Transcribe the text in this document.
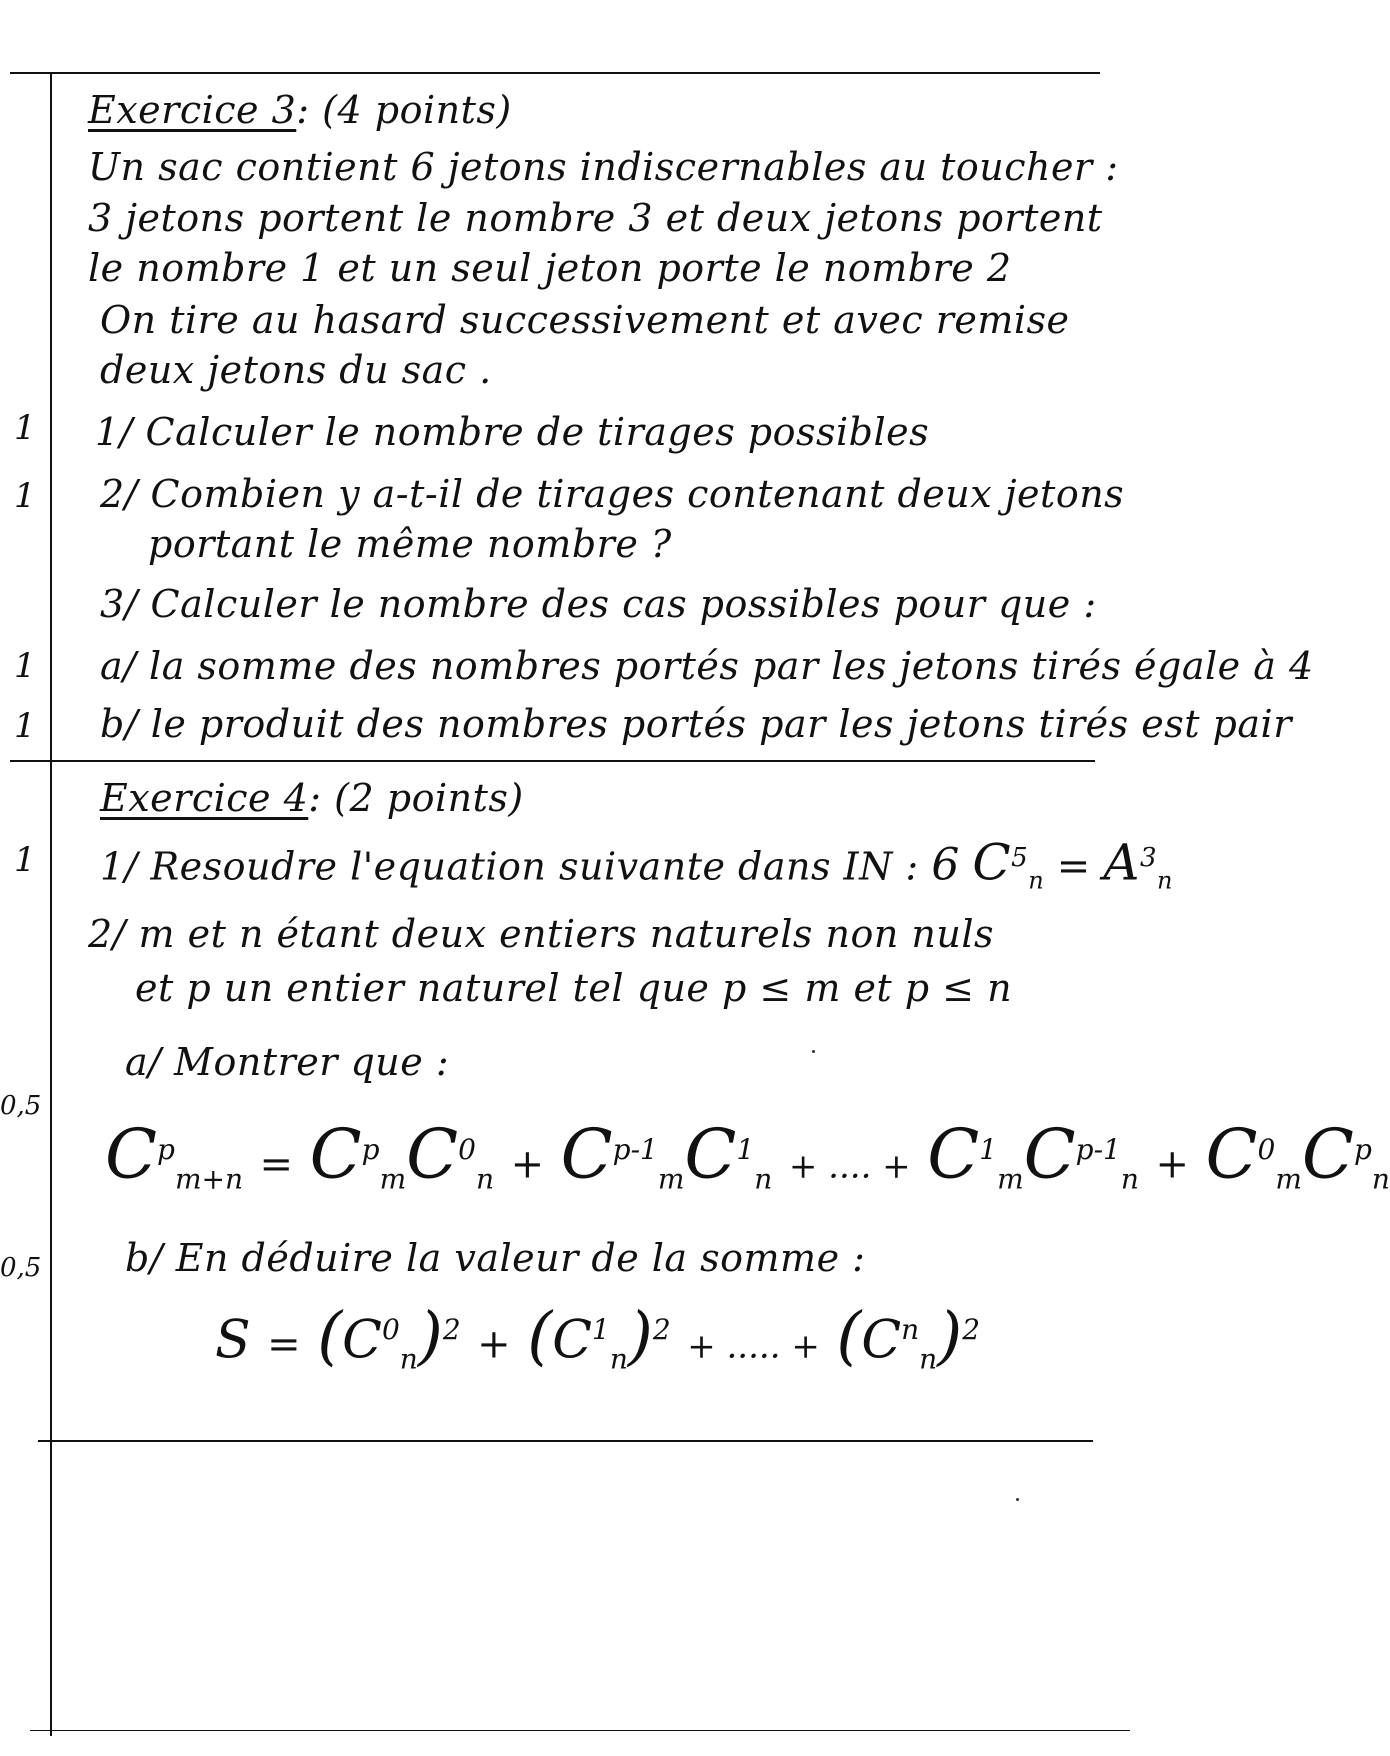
Exercice 3: (4 points)
Un sac contient 6 jetons indiscernables au toucher :
3 jetons portent le nombre 3 et deux jetons portent
le nombre 1 et un seul jeton porte le nombre 2
On tire au hasard successivement et avec remise
deux jetons du sac .
1 1/ Calculer le nombre de tirages possibles
1 2/ Combien y a-t-il de tirages contenant deux jetons
portant le même nombre ?
3/ Calculer le nombre des cas possibles pour que :
1 a/ la somme des nombres portés par les jetons tirés égale à 4
1 b/ le produit des nombres portés par les jetons tirés est pair
Exercice 4: (2 points)
1 1/ Resoudre l'equation suivante dans IN : 6 $C^5_n = A^3_n$
2/ m et n étant deux entiers naturels non nuls
et p un entier naturel tel que p ≤ m et p ≤ n
a/ Montrer que :
0,5
$C^p_{m+n} = C^p_mC^0_n + C^{p-1}_mC^1_n$ + .... + $C^1_mC^{p-1}_n + C^0_mC^p_n$
0,5 b/ En déduire la valeur de la somme :
$S = (C^0_n)^2 + (C^1_n)^2$ + ..... + $(C^n_n)^2$
